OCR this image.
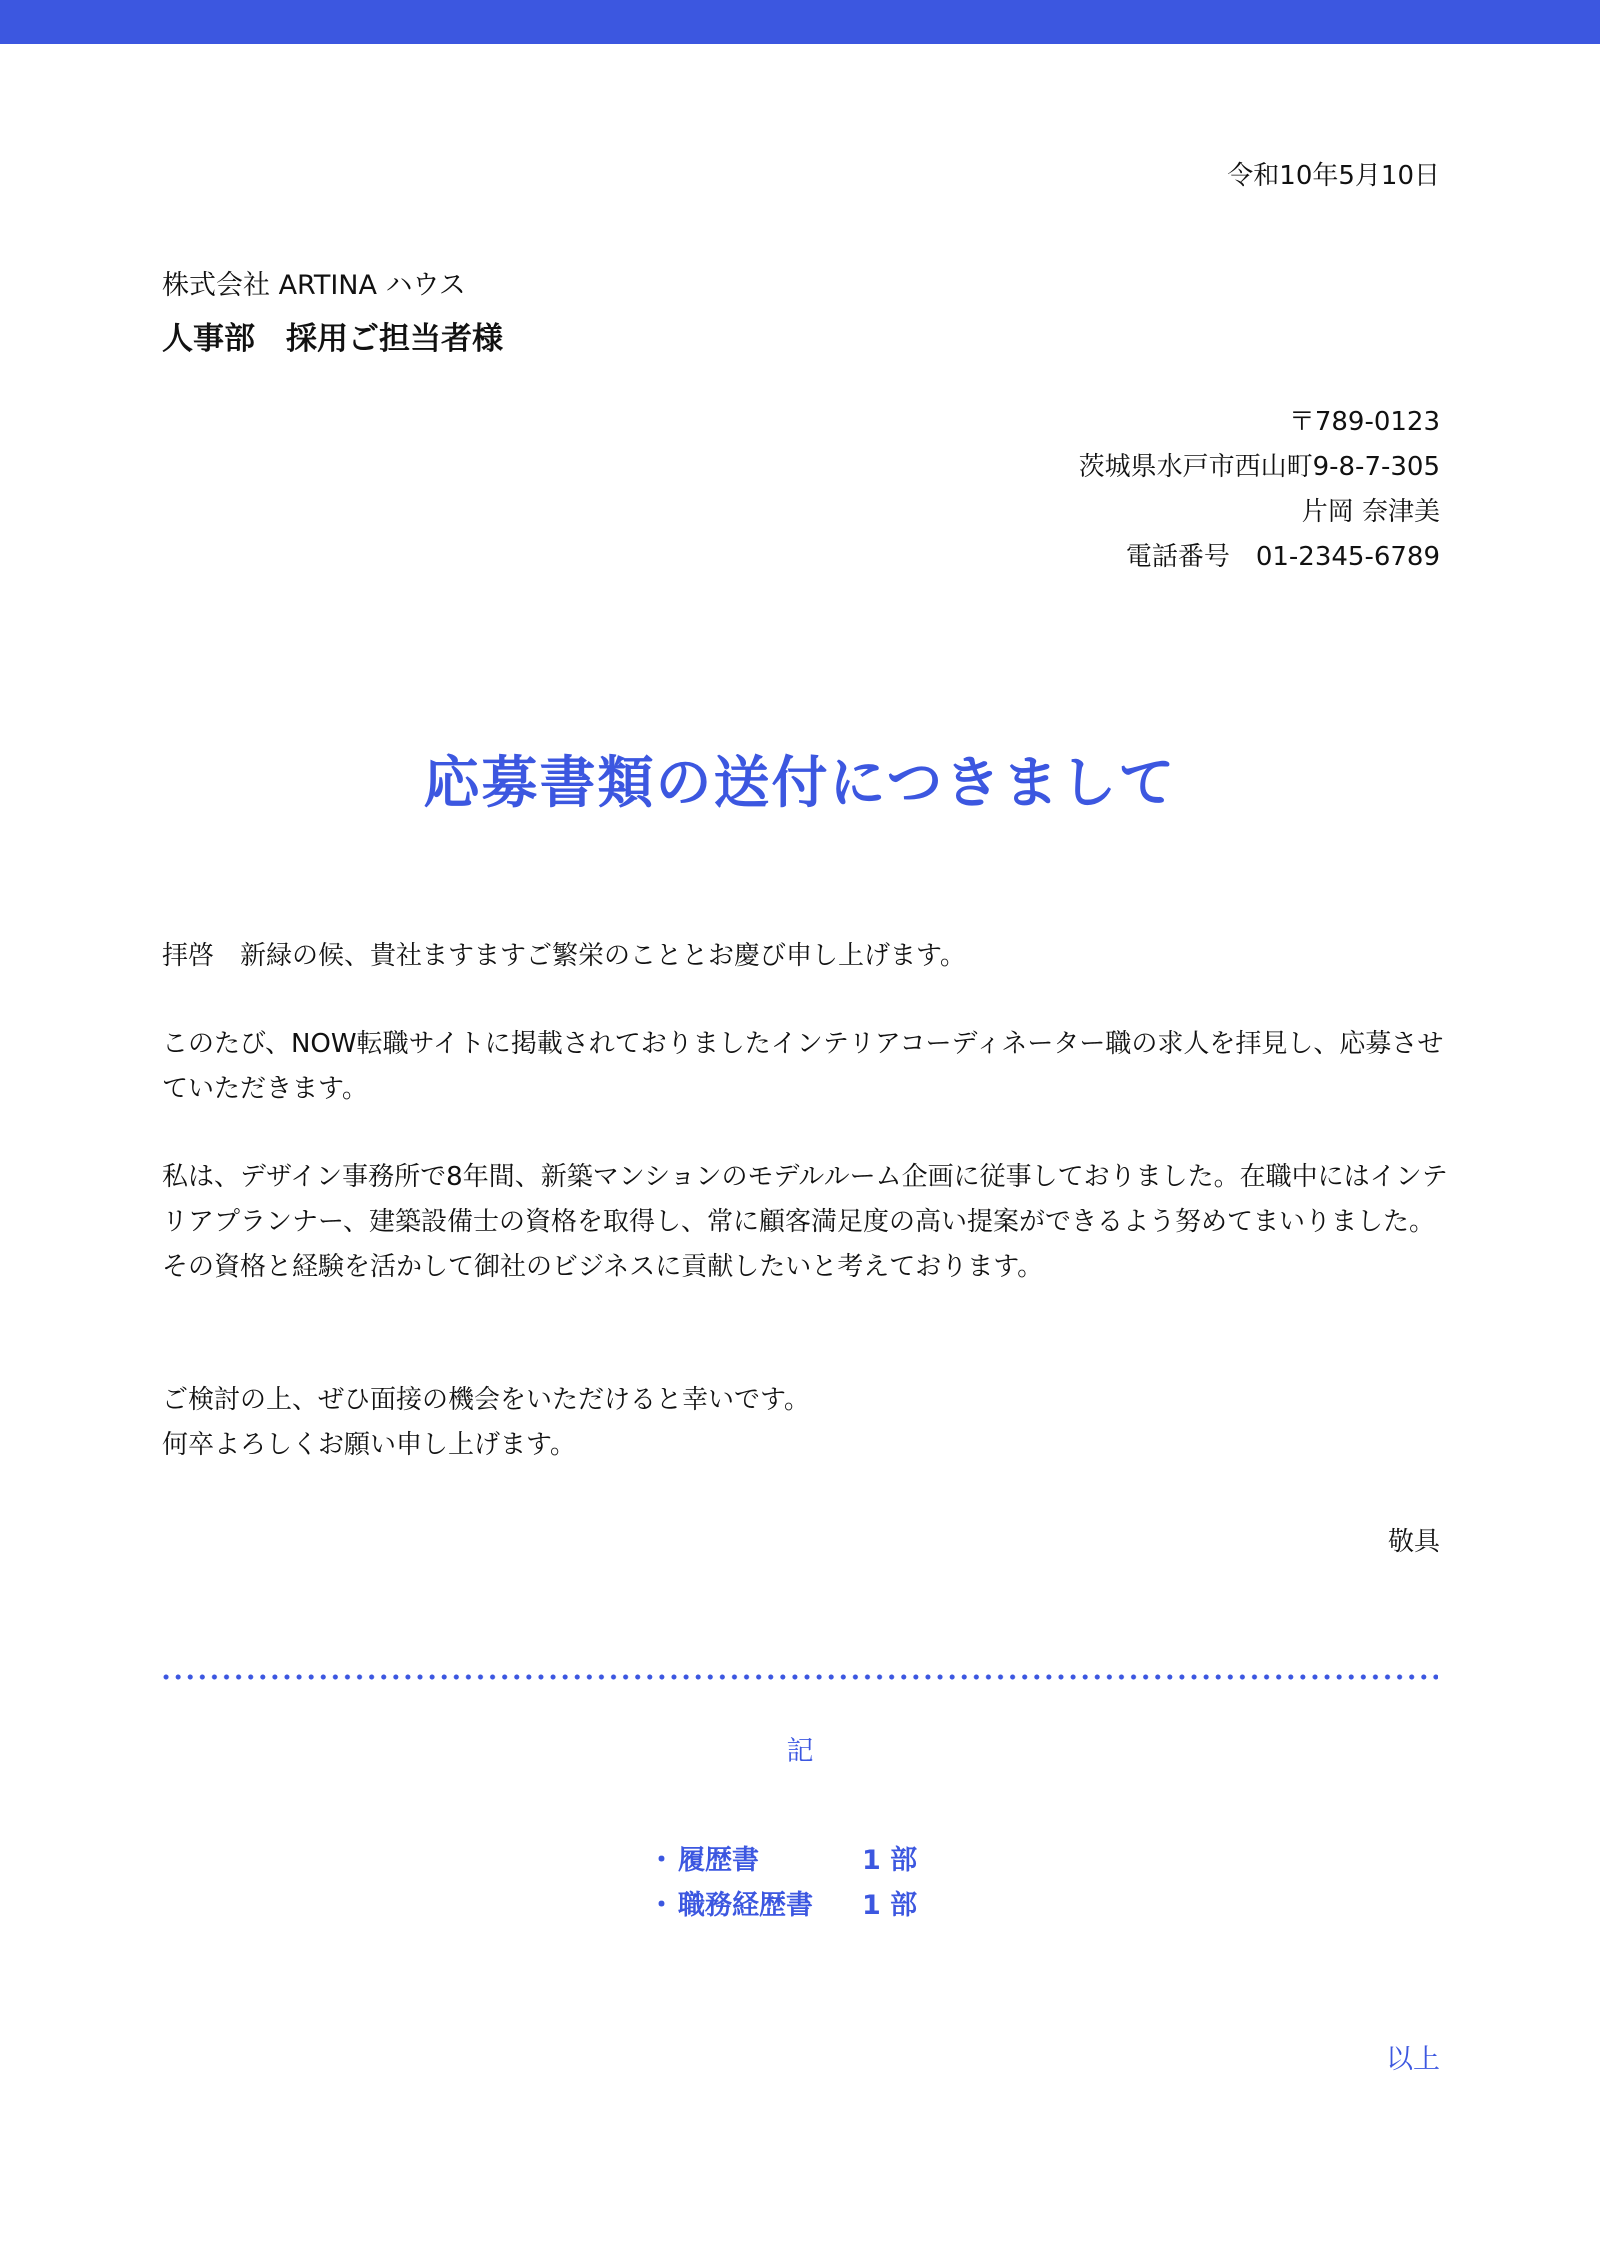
令和10年5月10日
株式会社 ARTINA ハウス
人事部　採用ご担当者様
〒789-0123
茨城県水戸市西山町9-8-7-305
片岡 奈津美
電話番号　01-2345-6789
応募書類の送付につきまして

拝啓　新緑の候、貴社ますますご繁栄のこととお慶び申し上げます。

このたび、NOW転職サイトに掲載されておりましたインテリアコーディネーター職の求人を拝見し、応募させていただきます。

私は、デザイン事務所で8年間、新築マンションのモデルルーム企画に従事しておりました。在職中にはインテリアプランナー、建築設備士の資格を取得し、常に顧客満足度の高い提案ができるよう努めてまいりました。その資格と経験を活かして御社のビジネスに貢献したいと考えております。

ご検討の上、ぜひ面接の機会をいただけると幸いです。

何卒よろしくお願い申し上げます。

敬具
記
・ 履歴書	1 部
・ 職務経歴書	1 部
以上
